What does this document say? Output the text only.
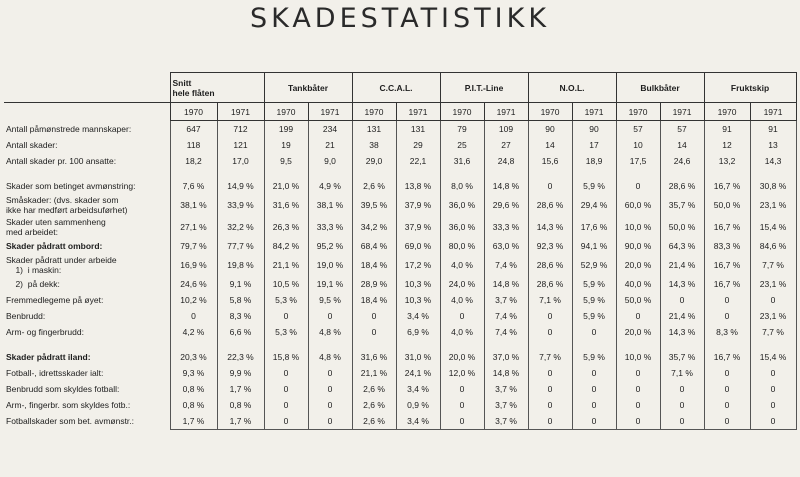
SKADESTATISTIKK
	Snitt
hele flåten		Tankbåter		C.C.A.L.		P.I.T.-Line		N.O.L.		Bulkbåter		Fruktskip	
	1970	1971	1970	1971	1970	1971	1970	1971	1970	1971	1970	1971	1970	1971
Antall påmønstrede mannskaper:	647	712	199	234	131	131	79	109	90	90	57	57	91	91
Antall skader:	118	121	19	21	38	29	25	27	14	17	10	14	12	13
Antall skader pr. 100 ansatte:	18,2	17,0	9,5	9,0	29,0	22,1	31,6	24,8	15,6	18,9	17,5	24,6	13,2	14,3

Skader som betinget avmønstring:	7,6 %	14,9 %	21,0 %	4,9 %	2,6 %	13,8 %	8,0 %	14,8 %	0	5,9 %	0	28,6 %	16,7 %	30,8 %
Småskader: (dvs. skader som
ikke har medført arbeidsuførhet)	38,1 %	33,9 %	31,6 %	38,1 %	39,5 %	37,9 %	36,0 %	29,6 %	28,6 %	29,4 %	60,0 %	35,7 %	50,0 %	23,1 %
Skader uten sammenheng
med arbeidet:	27,1 %	32,2 %	26,3 %	33,3 %	34,2 %	37,9 %	36,0 %	33,3 %	14,3 %	17,6 %	10,0 %	50,0 %	16,7 %	15,4 %
Skader pådratt ombord:	79,7 %	77,7 %	84,2 %	95,2 %	68,4 %	69,0 %	80,0 %	63,0 %	92,3 %	94,1 %	90,0 %	64,3 %	83,3 %	84,6 %
Skader pådratt under arbeide
1)  i maskin:	16,9 %	19,8 %	21,1 %	19,0 %	18,4 %	17,2 %	4,0 %	7,4 %	28,6 %	52,9 %	20,0 %	21,4 %	16,7 %	7,7 %
2)  på dekk:	24,6 %	9,1 %	10,5 %	19,1 %	28,9 %	10,3 %	24,0 %	14,8 %	28,6 %	5,9 %	40,0 %	14,3 %	16,7 %	23,1 %
Fremmedlegeme på øyet:	10,2 %	5,8 %	5,3 %	9,5 %	18,4 %	10,3 %	4,0 %	3,7 %	7,1 %	5,9 %	50,0 %	0	0	0
Benbrudd:	0	8,3 %	0	0	0	3,4 %	0	7,4 %	0	5,9 %	0	21,4 %	0	23,1 %
Arm- og fingerbrudd:	4,2 %	6,6 %	5,3 %	4,8 %	0	6,9 %	4,0 %	7,4 %	0	0	20,0 %	14,3 %	8,3 %	7,7 %

Skader pådratt iland:	20,3 %	22,3 %	15,8 %	4,8 %	31,6 %	31,0 %	20,0 %	37,0 %	7,7 %	5,9 %	10,0 %	35,7 %	16,7 %	15,4 %
Fotball-, idrettsskader ialt:	9,3 %	9,9 %	0	0	21,1 %	24,1 %	12,0 %	14,8 %	0	0	0	7,1 %	0	0
Benbrudd som skyldes fotball:	0,8 %	1,7 %	0	0	2,6 %	3,4 %	0	3,7 %	0	0	0	0	0	0
Arm-, fingerbr. som skyldes fotb.:	0,8 %	0,8 %	0	0	2,6 %	0,9 %	0	3,7 %	0	0	0	0	0	0
Fotballskader som bet. avmønstr.:	1,7 %	1,7 %	0	0	2,6 %	3,4 %	0	3,7 %	0	0	0	0	0	0
